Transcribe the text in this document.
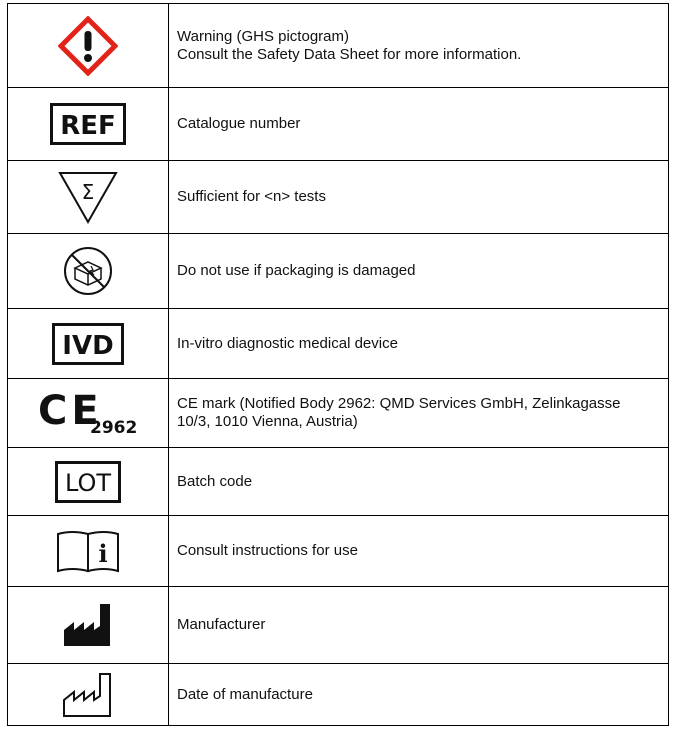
Warning (GHS pictogram)
Consult the Safety Data Sheet for more information.

REF	Catalogue number

Σ	Sufficient for <n> tests

Do not use if packaging is damaged

IVD	In-vitro diagnostic medical device

CE
2962	CE mark (Notified Body 2962: QMD Services GmbH, Zelinkagasse
10/3, 1010 Vienna, Austria)

LOT	Batch code

i	Consult instructions for use

Manufacturer

Date of manufacture
